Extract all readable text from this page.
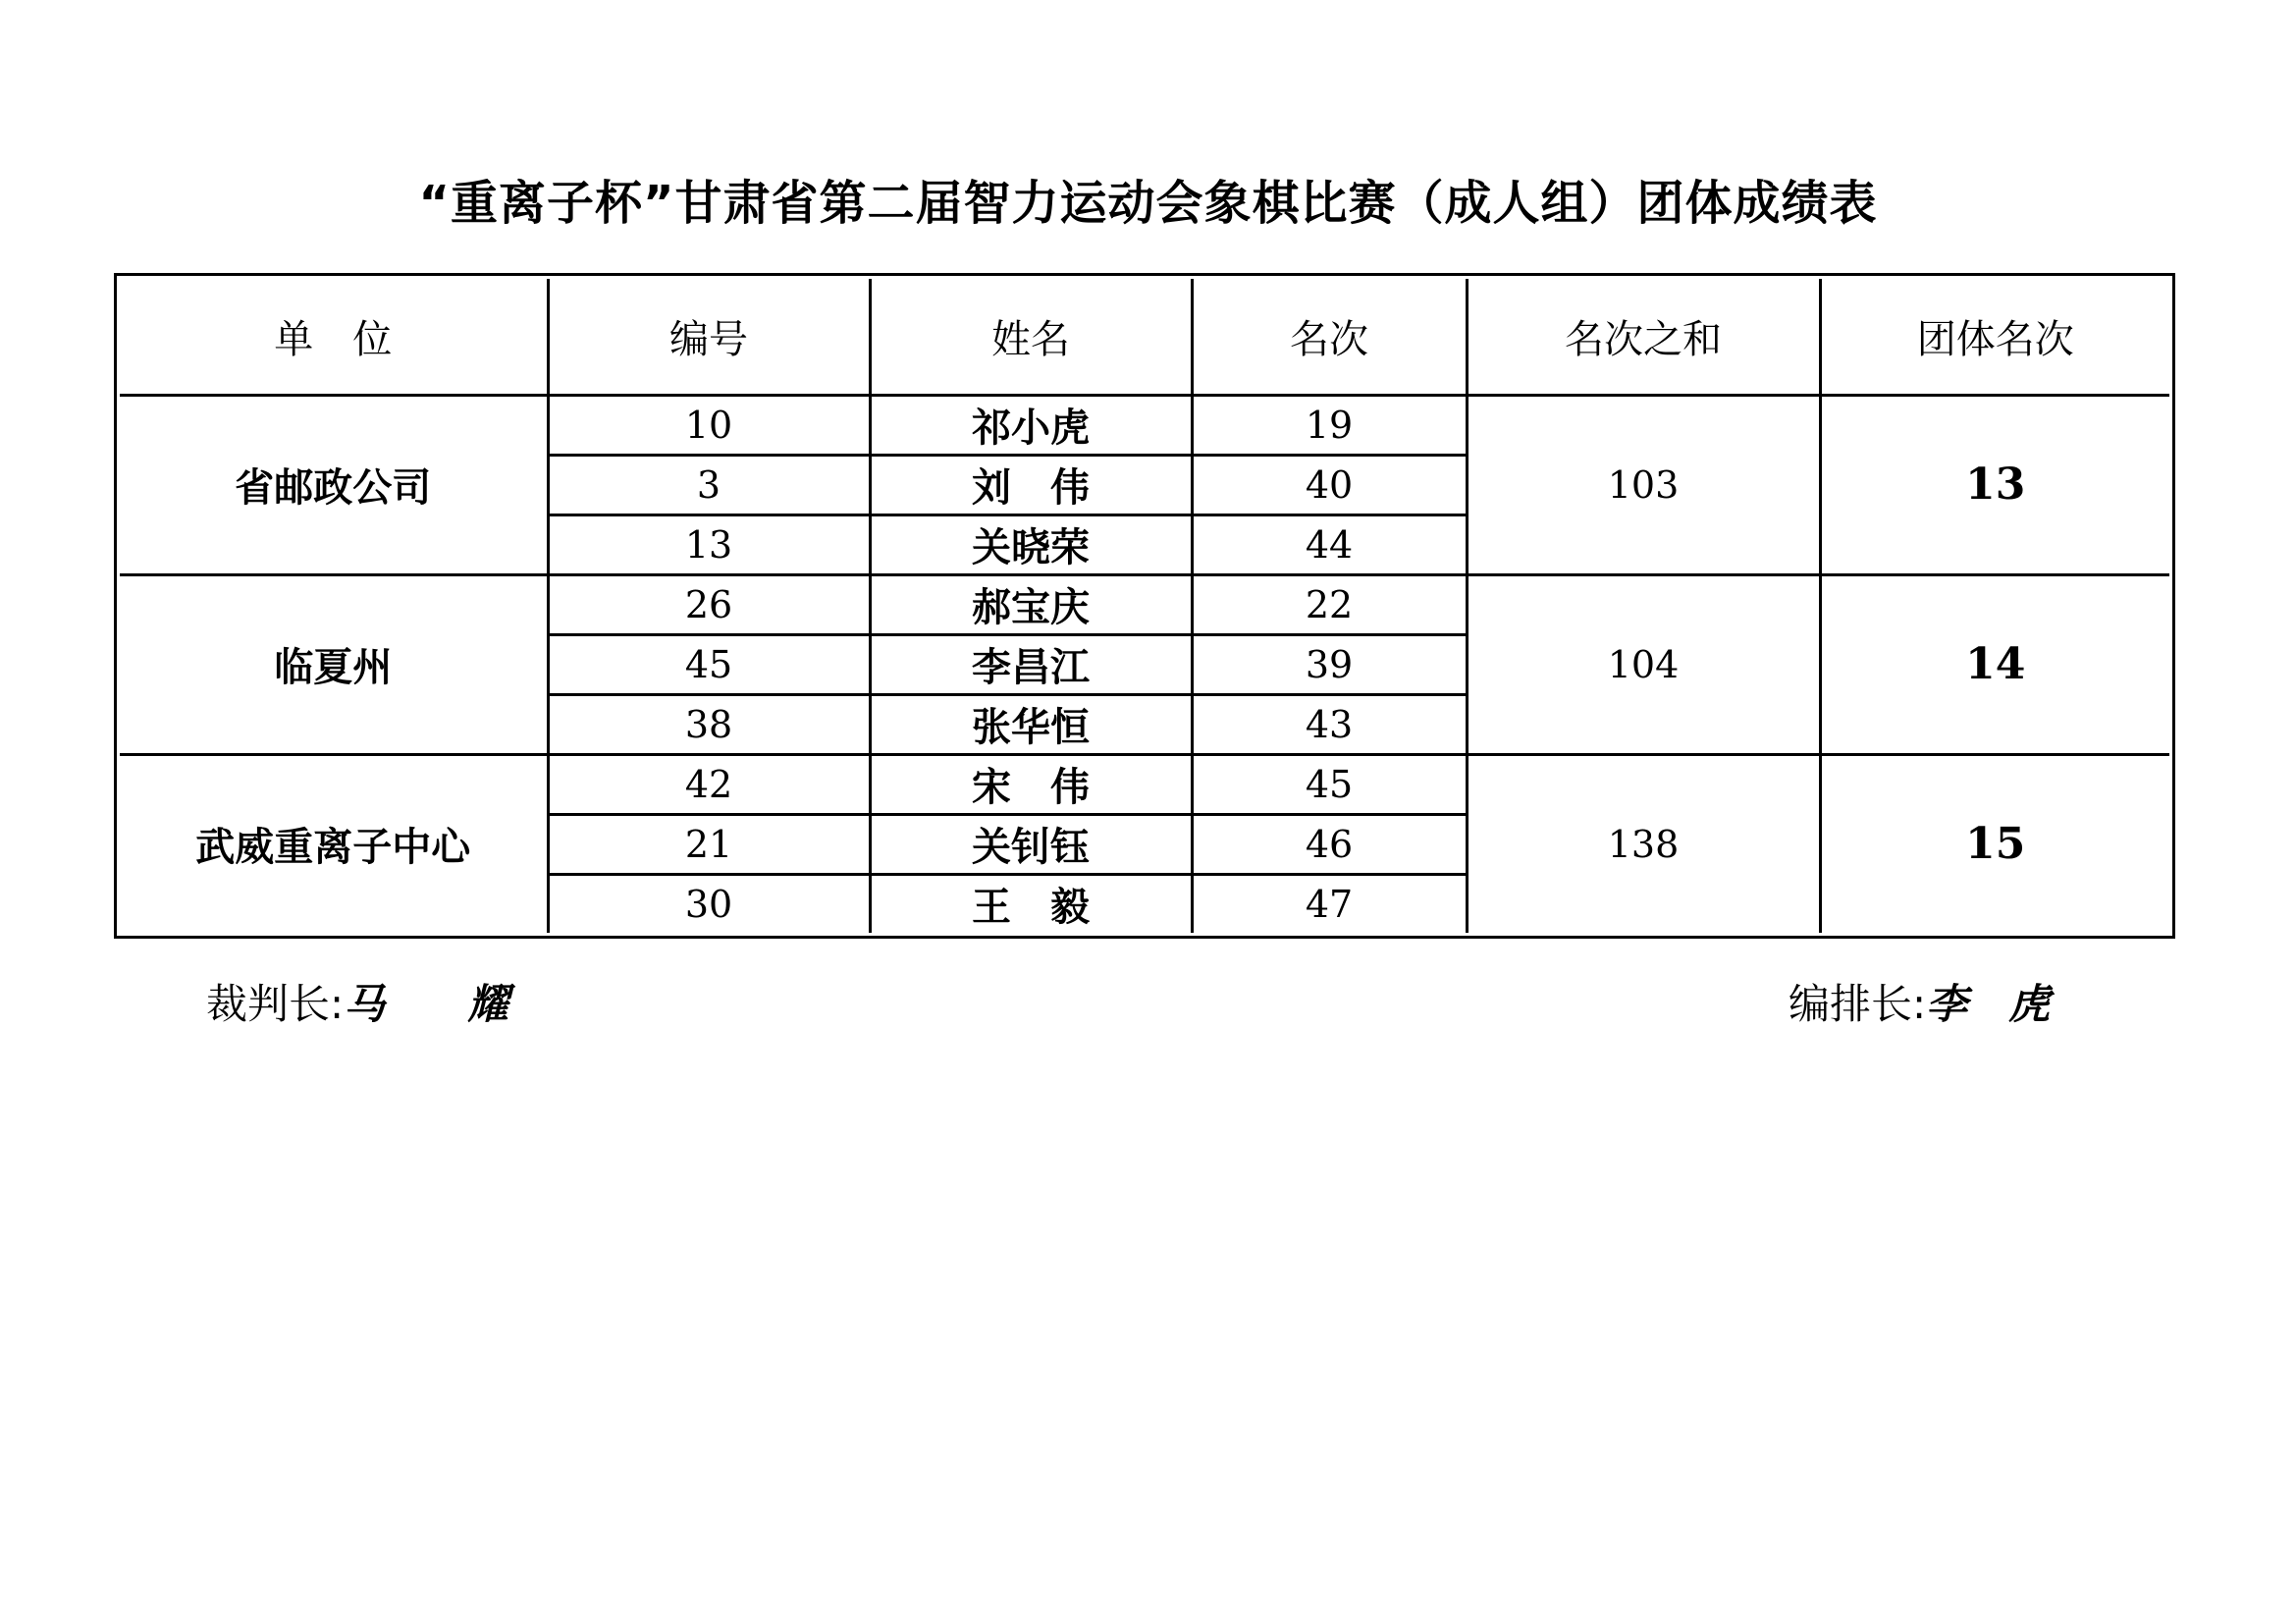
“重离子杯”甘肃省第二届智力运动会象棋比赛（成人组）团体成绩表
单　位	编号	姓名	名次	名次之和	团体名次
省邮政公司	10	祁小虎	19	103	13
	3	刘　伟	40		
	13	关晓荣	44		
临夏州	26	郝宝庆	22	104	14
	45	李昌江	39		
	38	张华恒	43		
武威重离子中心	42	宋　伟	45	138	15
	21	关钊钰	46		
	30	王　毅	47		
裁判长:马　　耀	编排长:李　虎
